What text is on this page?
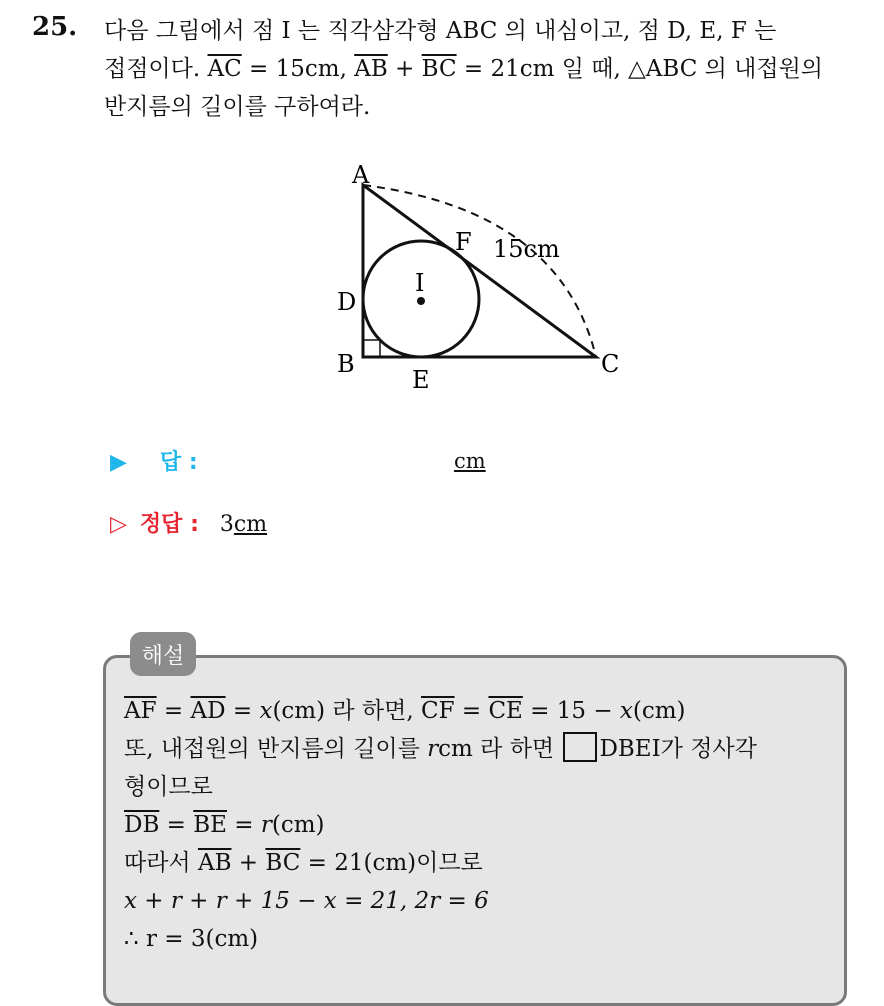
25. 다음 그림에서 점 I 는 직각삼각형 ABC 의 내심이고, 점 D, E, F 는
접점이다. $\overline{AC} = 15cm$, $\overline{AB} + \overline{BC} = 21cm$ 일 때, △ABC 의 내접원의
반지름의 길이를 구하여라.
A
B	C
D
E
F
I
15cm
▶ 답 :	cm
▷ 정답 : 3cm
해설
$\overline{AF} = \overline{AD} = x(cm)$ 라 하면, $\overline{CF} = \overline{CE} = 15 - x(cm)$
또, 내접원의 반지름의 길이를 rcm 라 하면 DBEI가 정사각
형이므로
$\overline{DB} = \overline{BE} = r(cm)$
따라서 $\overline{AB} + \overline{BC} = 21(cm)$이므로
x + r + r + 15 − x = 21, 2r = 6
∴ r = 3(cm)
